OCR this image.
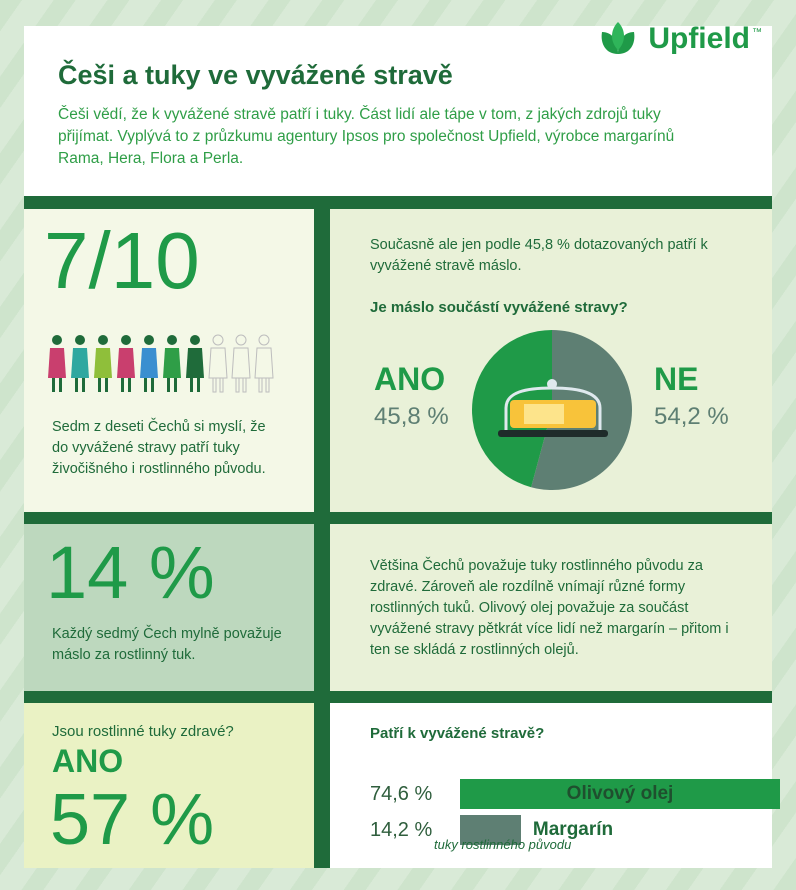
Češi a tuky ve vyvážené stravě
Češi vědí, že k vyvážené stravě patří i tuky. Část lidí ale tápe v tom, z jakých zdrojů tuky přijímat. Vyplývá to z průzkumu agentury Ipsos pro společnost Upfield, výrobce margarínů Rama, Hera, Flora a Perla.
Upfield ™
7/10
Sedm z deseti Čechů si myslí, že do vyvážené stravy patří tuky živočišného i rostlinného původu.
Současně ale jen podle 45,8 % dotazovaných patří k vyvážené stravě máslo.
Je máslo součástí vyvážené stravy?
ANO
45,8 %
NE
54,2 %
14 %
Každý sedmý Čech mylně považuje máslo za rostlinný tuk.
Většina Čechů považuje tuky rostlinného původu za zdravé. Zároveň ale rozdílně vnímají různé formy rostlinných tuků. Olivový olej považuje za součást vyvážené stravy pětkrát více lidí než margarín – přitom i ten se skládá z rostlinných olejů.
Jsou rostlinné tuky zdravé?
ANO
57 %
Patří k vyvážené stravě?
74,6 %	Olivový olej
14,2 %	Margarín
tuky rostlinného původu
